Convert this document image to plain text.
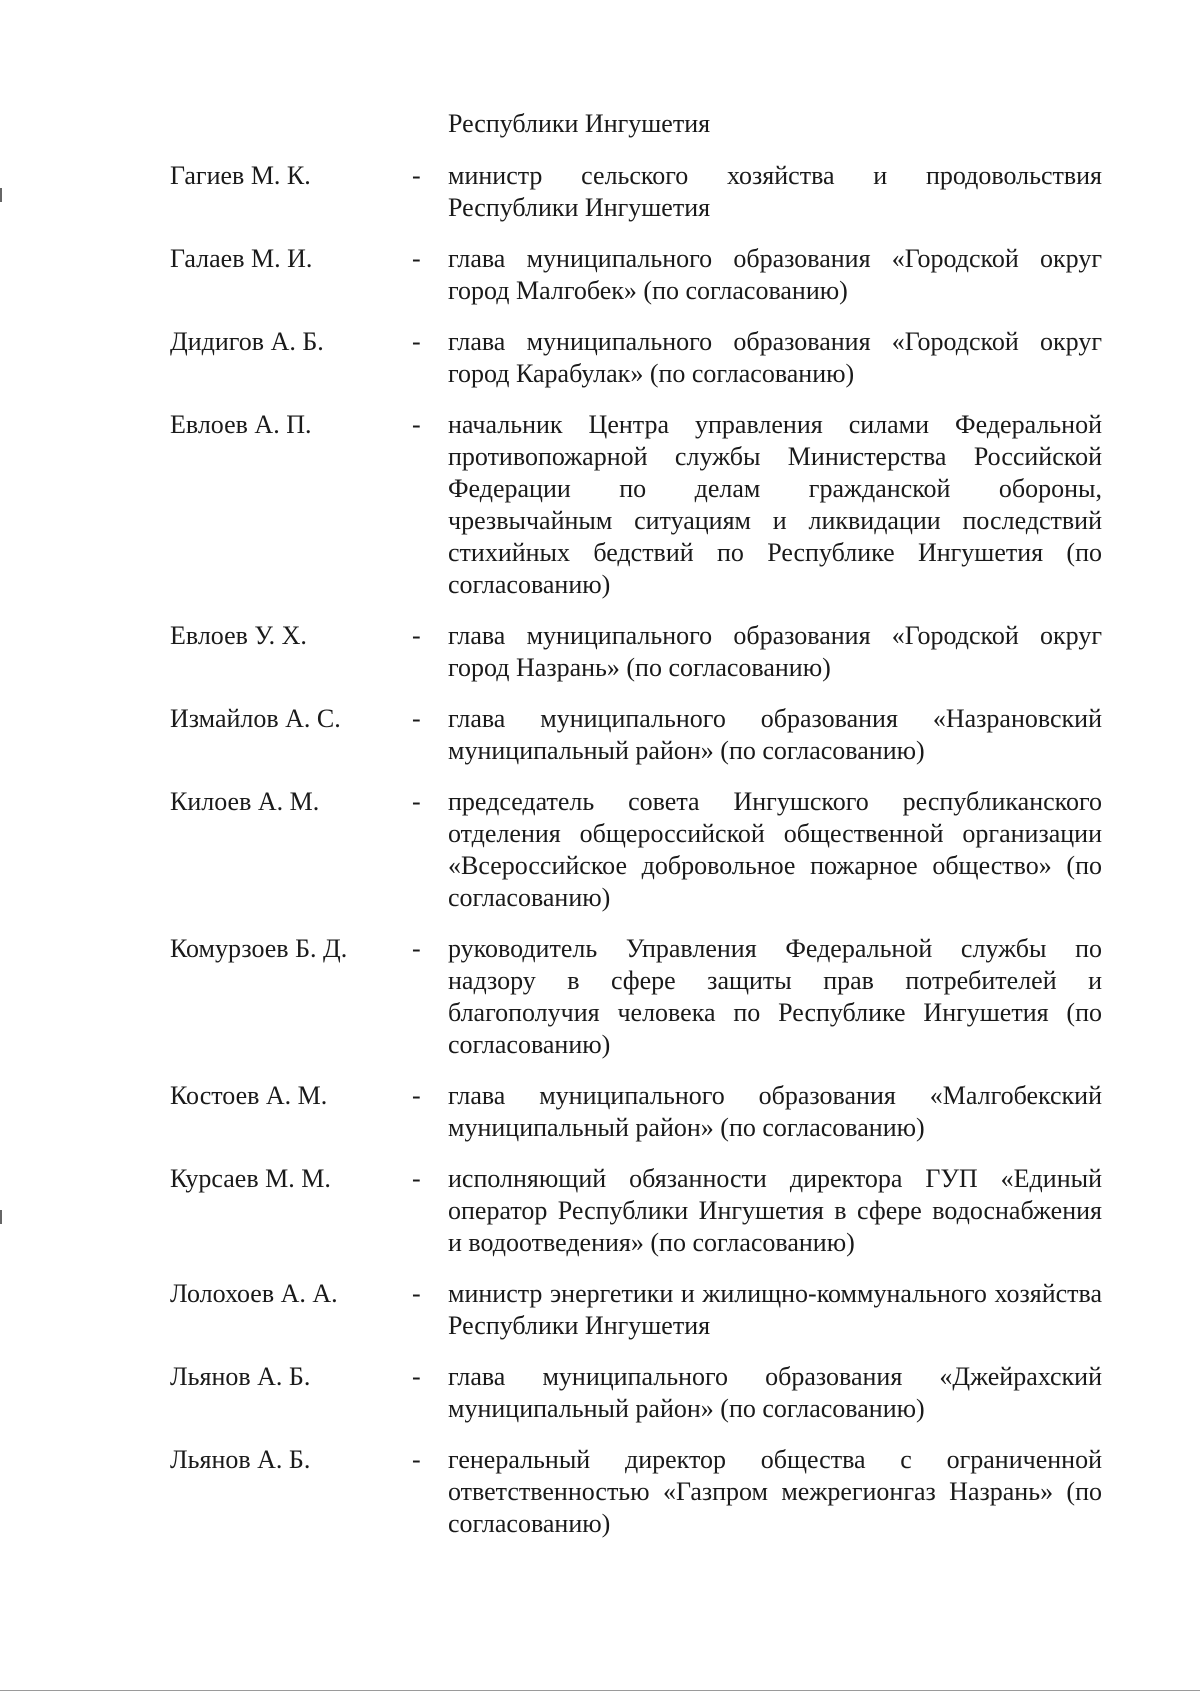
Республики Ингушетия

Гагиев М. К.	-	министр сельского хозяйства и продовольствия Республики Ингушетия
Галаев М. И.	-	глава муниципального образования «Городской округ город Малгобек» (по согласованию)
Дидигов А. Б.	-	глава муниципального образования «Городской округ город Карабулак» (по согласованию)
Евлоев А. П.	-	начальник Центра управления силами Федеральной противопожарной службы Министерства Российской Федерации по делам гражданской обороны, чрезвычайным ситуациям и ликвидации последствий стихийных бедствий по Республике Ингушетия (по согласованию)
Евлоев У. Х.	-	глава муниципального образования «Городской округ город Назрань» (по согласованию)
Измайлов А. С.	-	глава муниципального образования «Назрановский муниципальный район» (по согласованию)
Килоев А. М.	-	председатель совета Ингушского республиканского отделения общероссийской общественной организации «Всероссийское добровольное пожарное общество» (по согласованию)
Комурзоев Б. Д.	-	руководитель Управления Федеральной службы по надзору в сфере защиты прав потребителей и благополучия человека по Республике Ингушетия (по согласованию)
Костоев А. М.	-	глава муниципального образования «Малгобекский муниципальный район» (по согласованию)
Курсаев М. М.	-	исполняющий обязанности директора ГУП «Единый оператор Республики Ингушетия в сфере водоснабжения и водоотведения» (по согласованию)
Лолохоев А. А.	-	министр энергетики и жилищно-коммунального хозяйства Республики Ингушетия
Льянов А. Б.	-	глава муниципального образования «Джейрахский муниципальный район» (по согласованию)
Льянов А. Б.	-	генеральный директор общества с ограниченной ответственностью «Газпром межрегионгаз Назрань» (по согласованию)
